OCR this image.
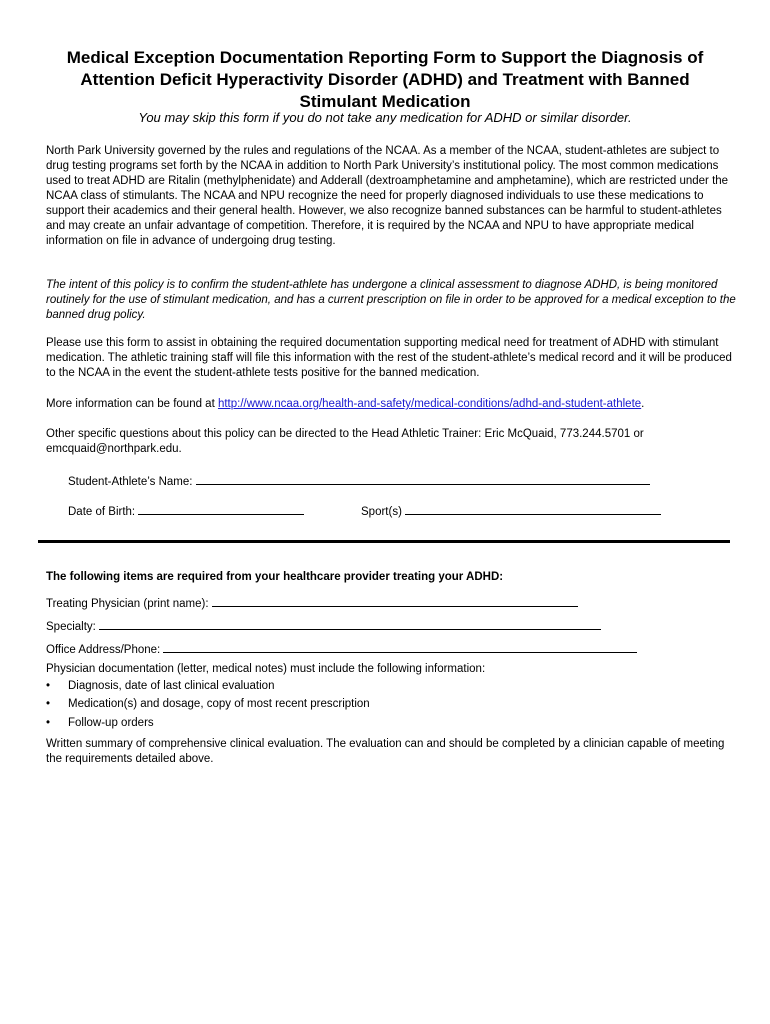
Medical Exception Documentation Reporting Form to Support the Diagnosis of
Attention Deficit Hyperactivity Disorder (ADHD) and Treatment with Banned
Stimulant Medication
You may skip this form if you do not take any medication for ADHD or similar disorder.
North Park University governed by the rules and regulations of the NCAA. As a member of the NCAA, student-athletes are subject to drug testing programs set forth by the NCAA in addition to North Park University’s institutional policy. The most common medications used to treat ADHD are Ritalin (methylphenidate) and Adderall (dextroamphetamine and amphetamine), which are restricted under the NCAA class of stimulants. The NCAA and NPU recognize the need for properly diagnosed individuals to use these medications to support their academics and their general health. However, we also recognize banned substances can be harmful to student-athletes and may create an unfair advantage of competition. Therefore, it is required by the NCAA and NPU to have appropriate medical information on file in advance of undergoing drug testing.
The intent of this policy is to confirm the student-athlete has undergone a clinical assessment to diagnose ADHD, is being monitored routinely for the use of stimulant medication, and has a current prescription on file in order to be approved for a medical exception to the banned drug policy.
Please use this form to assist in obtaining the required documentation supporting medical need for treatment of ADHD with stimulant medication. The athletic training staff will file this information with the rest of the student-athlete’s medical record and it will be produced to the NCAA in the event the student-athlete tests positive for the banned medication.
More information can be found at http://www.ncaa.org/health-and-safety/medical-conditions/adhd-and-student-athlete.
Other specific questions about this policy can be directed to the Head Athletic Trainer: Eric McQuaid, 773.244.5701 or emcquaid@northpark.edu.
Student-Athlete’s Name:
Date of Birth:	Sport(s)
The following items are required from your healthcare provider treating your ADHD:
Treating Physician (print name):
Specialty:
Office Address/Phone:
Physician documentation (letter, medical notes) must include the following information:
• Diagnosis, date of last clinical evaluation
• Medication(s) and dosage, copy of most recent prescription
• Follow-up orders
Written summary of comprehensive clinical evaluation. The evaluation can and should be completed by a clinician capable of meeting the requirements detailed above.
